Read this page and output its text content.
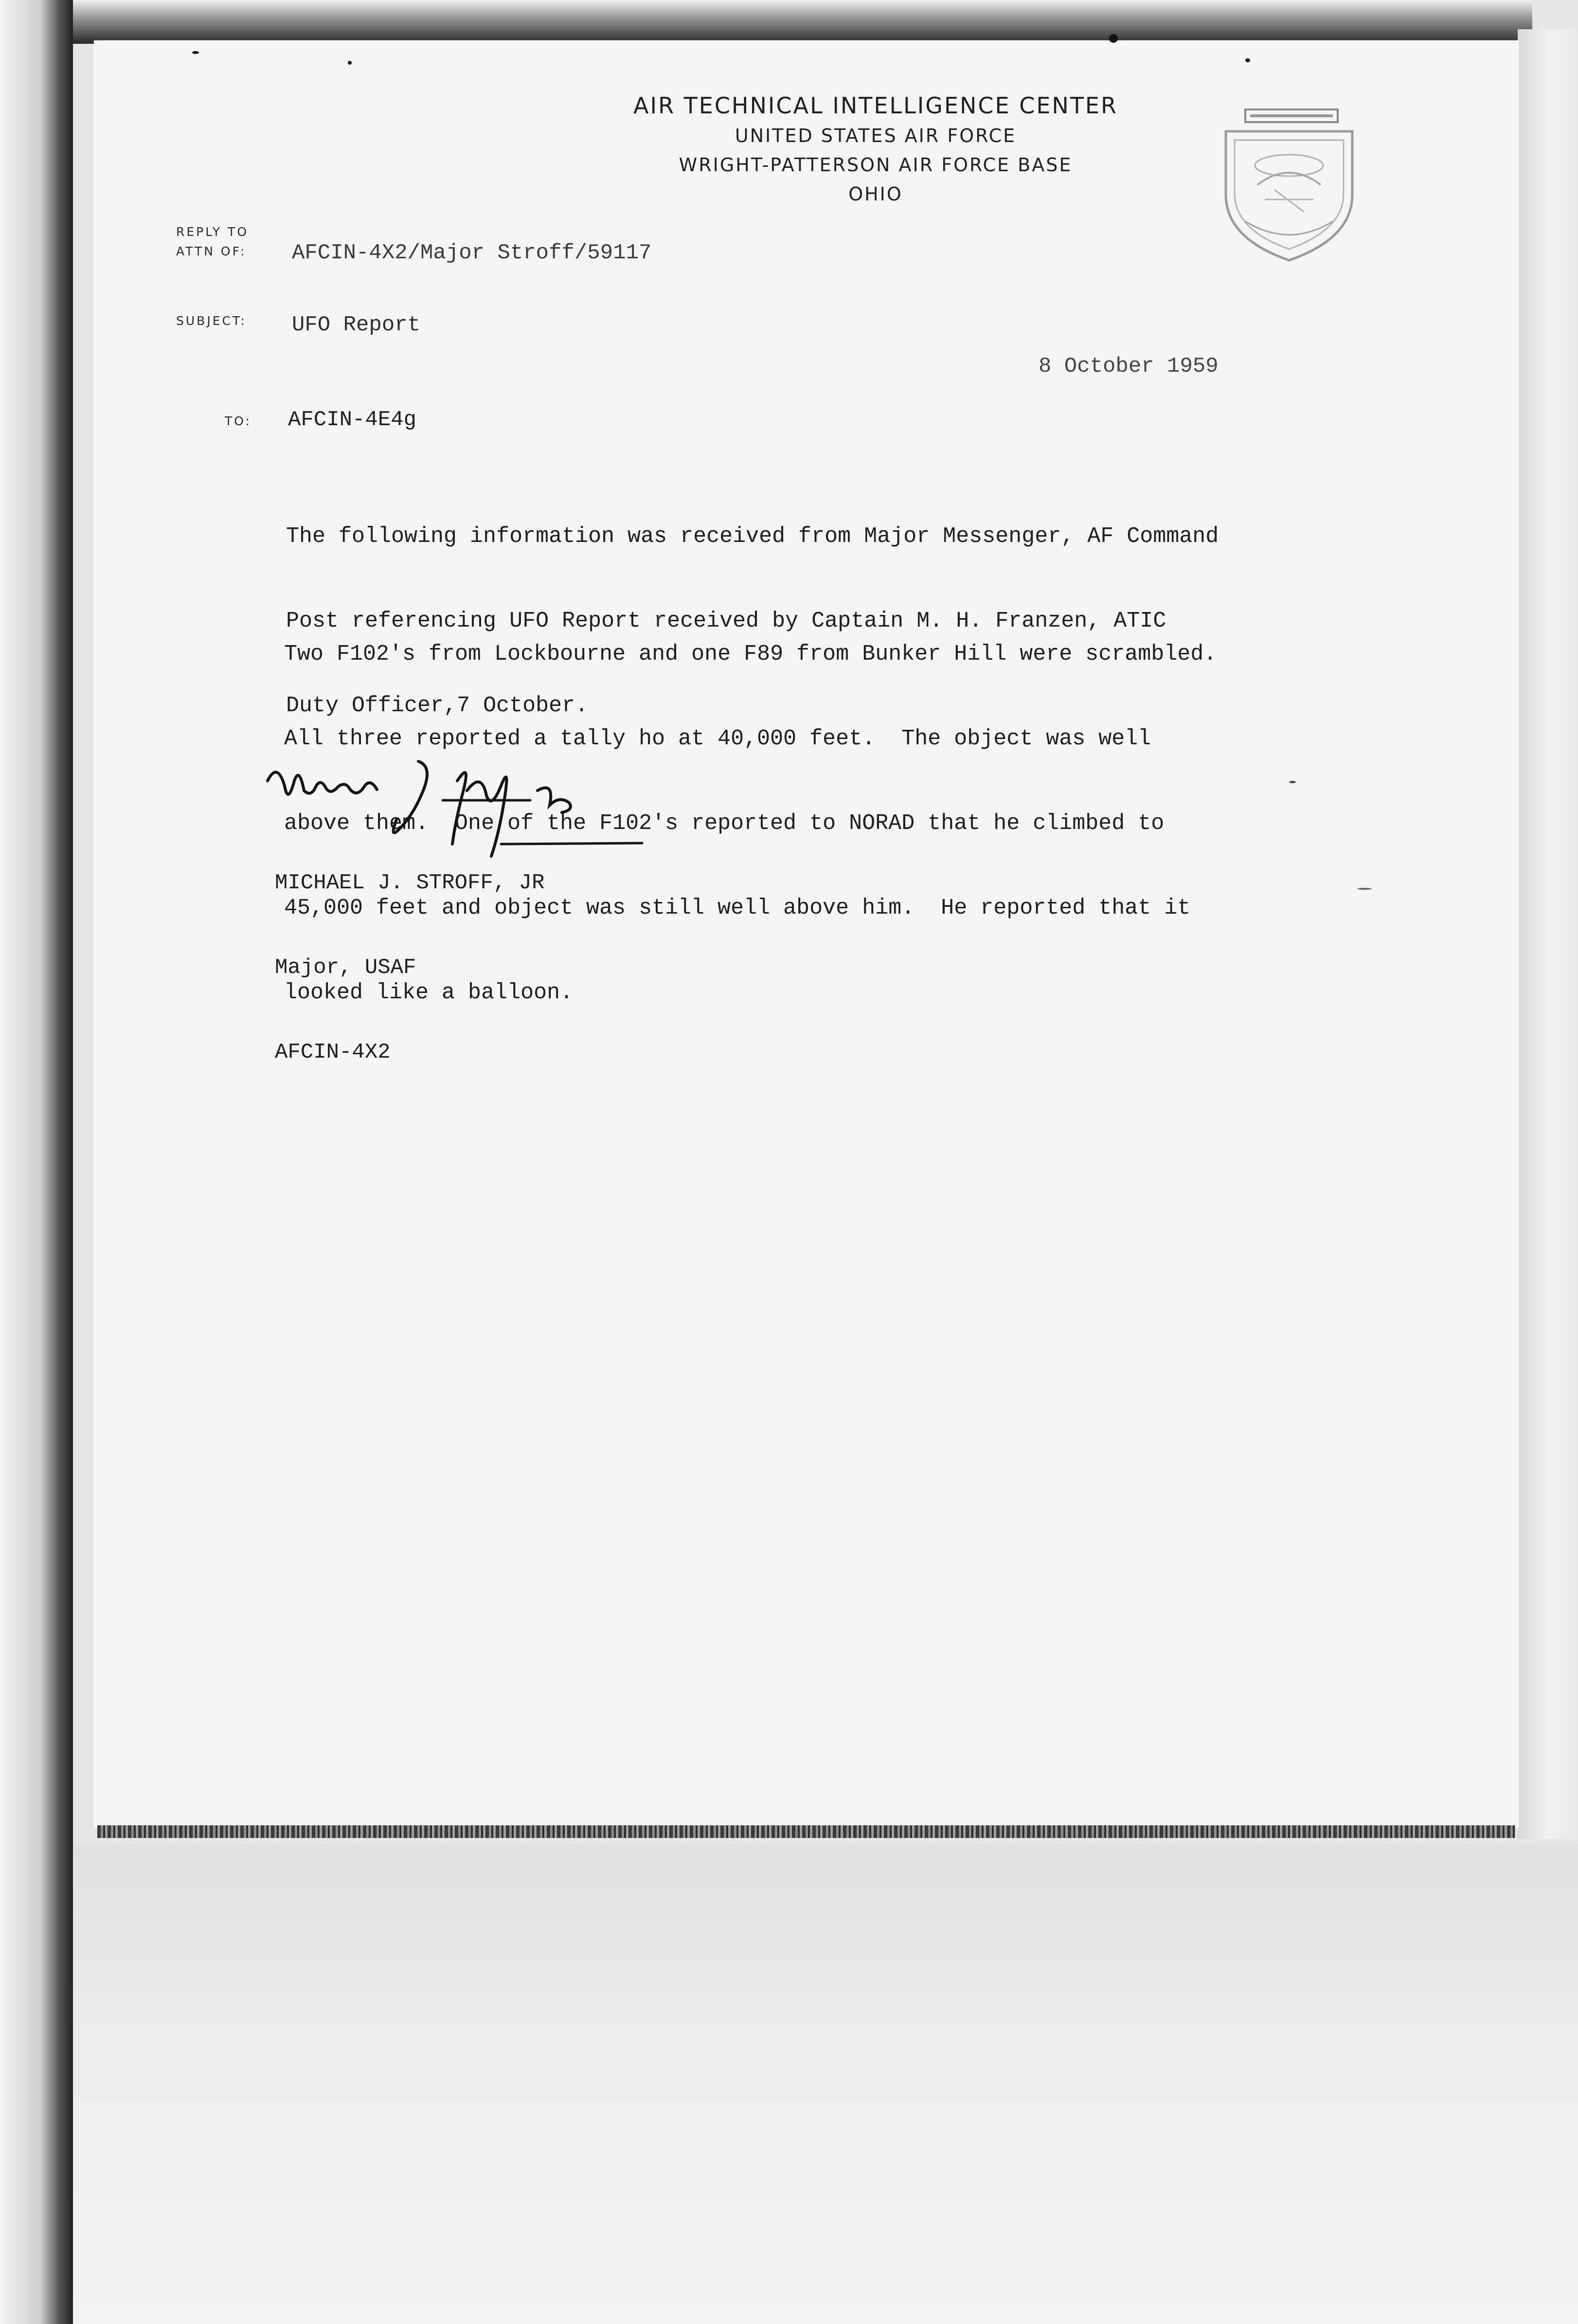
AIR TECHNICAL INTELLIGENCE CENTER
UNITED STATES AIR FORCE
WRIGHT-PATTERSON AIR FORCE BASE
OHIO
REPLY TO
ATTN OF: AFCIN-4X2/Major Stroff/59117
SUBJECT: UFO Report
8 October 1959
TO: AFCIN-4E4g

The following information was received from Major Messenger, AF Command

Post referencing UFO Report received by Captain M. H. Franzen, ATIC

Duty Officer,7 October.

Two F102's from Lockbourne and one F89 from Bunker Hill were scrambled.

All three reported a tally ho at 40,000 feet.  The object was well

above them.  One of the F102's reported to NORAD that he climbed to

45,000 feet and object was still well above him.  He reported that it

looked like a balloon.

MICHAEL J. STROFF, JR

Major, USAF

AFCIN-4X2
